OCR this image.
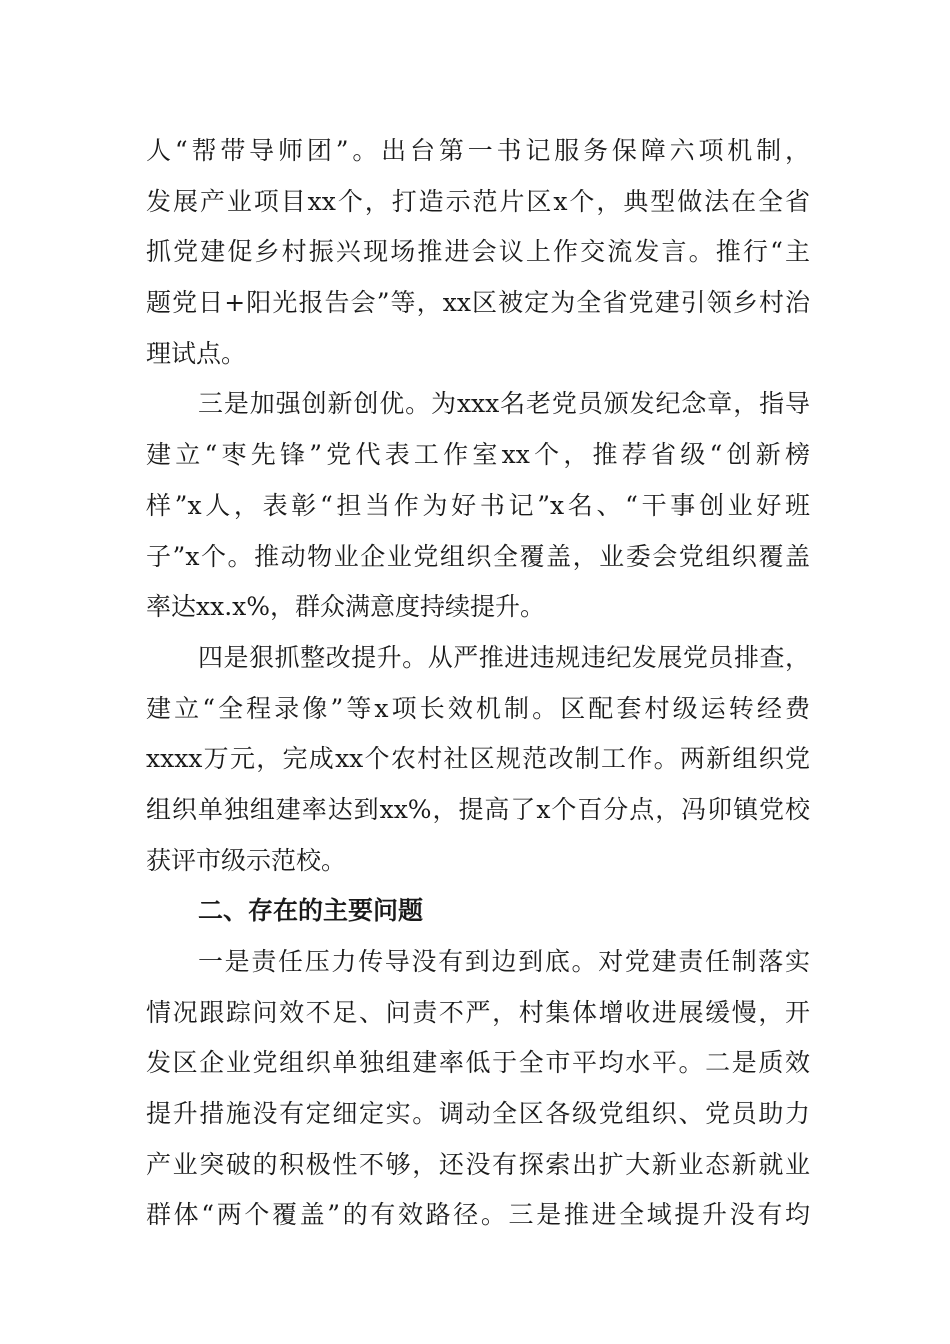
人“帮带导师团”。出台第一书记服务保障六项机制，
发展产业项目xx个，打造示范片区x个，典型做法在全省
抓党建促乡村振兴现场推进会议上作交流发言。推行“主
题党日+阳光报告会”等，xx区被定为全省党建引领乡村治
理试点。
三是加强创新创优。为xxx名老党员颁发纪念章，指导
建立“枣先锋”党代表工作室xx个，推荐省级“创新榜
样”x人，表彰“担当作为好书记”x名、“干事创业好班
子”x个。推动物业企业党组织全覆盖，业委会党组织覆盖
率达xx.x%，群众满意度持续提升。
四是狠抓整改提升。从严推进违规违纪发展党员排查，
建立“全程录像”等x项长效机制。区配套村级运转经费
xxxx万元，完成xx个农村社区规范改制工作。两新组织党
组织单独组建率达到xx%，提高了x个百分点，冯卯镇党校
获评市级示范校。
二、存在的主要问题
一是责任压力传导没有到边到底。对党建责任制落实
情况跟踪问效不足、问责不严，村集体增收进展缓慢，开
发区企业党组织单独组建率低于全市平均水平。二是质效
提升措施没有定细定实。调动全区各级党组织、党员助力
产业突破的积极性不够，还没有探索出扩大新业态新就业
群体“两个覆盖”的有效路径。三是推进全域提升没有均
